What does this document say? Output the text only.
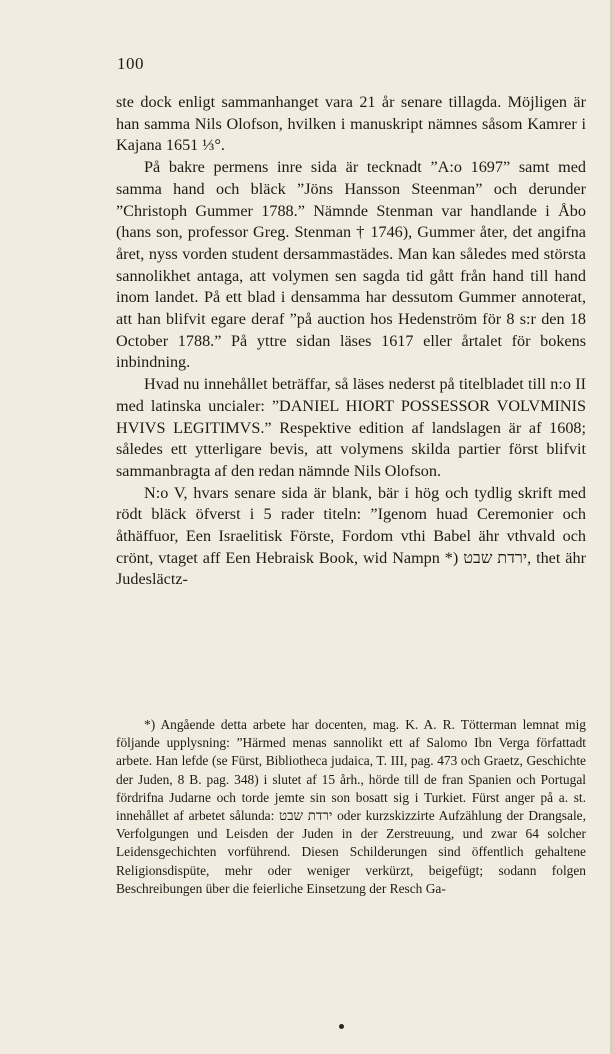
100

ste dock enligt sammanhanget vara 21 år senare tillagda. Möjligen är han samma Nils Olofson, hvilken i manuskript nämnes såsom Kamrer i Kajana 1651 ⅓°.

På bakre permens inre sida är tecknadt ”A:o 1697” samt med samma hand och bläck ”Jöns Hansson Steenman” och derunder ”Christoph Gummer 1788.” Nämnde Stenman var handlande i Åbo (hans son, professor Greg. Stenman † 1746), Gummer åter, det angifna året, nyss vorden student dersammastädes. Man kan således med största sannolikhet antaga, att volymen sen sagda tid gått från hand till hand inom landet. På ett blad i densamma har dessutom Gummer annoterat, att han blifvit egare deraf ”på auction hos Hedenström för 8 s:r den 18 October 1788.” På yttre sidan läses 1617 eller årtalet för bokens inbindning.

Hvad nu innehållet beträffar, så läses nederst på titelbladet till n:o II med latinska uncialer: ”DANIEL HIORT POSSESSOR VOLVMINIS HVIVS LEGITIMVS.” Respektive edition af landslagen är af 1608; således ett ytterligare bevis, att volymens skilda partier först blifvit sammanbragta af den redan nämnde Nils Olofson.

N:o V, hvars senare sida är blank, bär i hög och tydlig skrift med rödt bläck öfverst i 5 rader titeln: ”Igenom huad Ceremonier och åthäffuor, Een Israelitisk Förste, Fordom vthi Babel ähr vthvald och crönt, vtaget aff Een Hebraisk Book, wid Nampn *) ירדת שבט, thet ähr Judesläctz-

*) Angående detta arbete har docenten, mag. K. A. R. Tötterman lemnat mig följande upplysning: ”Härmed menas sannolikt ett af Salomo Ibn Verga författadt arbete. Han lefde (se Fürst, Bibliotheca judaica, T. III, pag. 473 och Graetz, Geschichte der Juden, 8 B. pag. 348) i slutet af 15 årh., hörde till de fran Spanien och Portugal fördrifna Judarne och torde jemte sin son bosatt sig i Turkiet. Fürst anger på a. st. innehållet af arbetet sålunda: ירדת שבט oder kurzskizzirte Aufzählung der Drangsale, Verfolgungen und Leisden der Juden in der Zerstreuung, und zwar 64 solcher Leidensgechichten vorführend. Diesen Schilderungen sind öffentlich gehaltene Religionsdispüte, mehr oder weniger verkürzt, beigefügt; sodann folgen Beschreibungen über die feierliche Einsetzung der Resch Ga-
